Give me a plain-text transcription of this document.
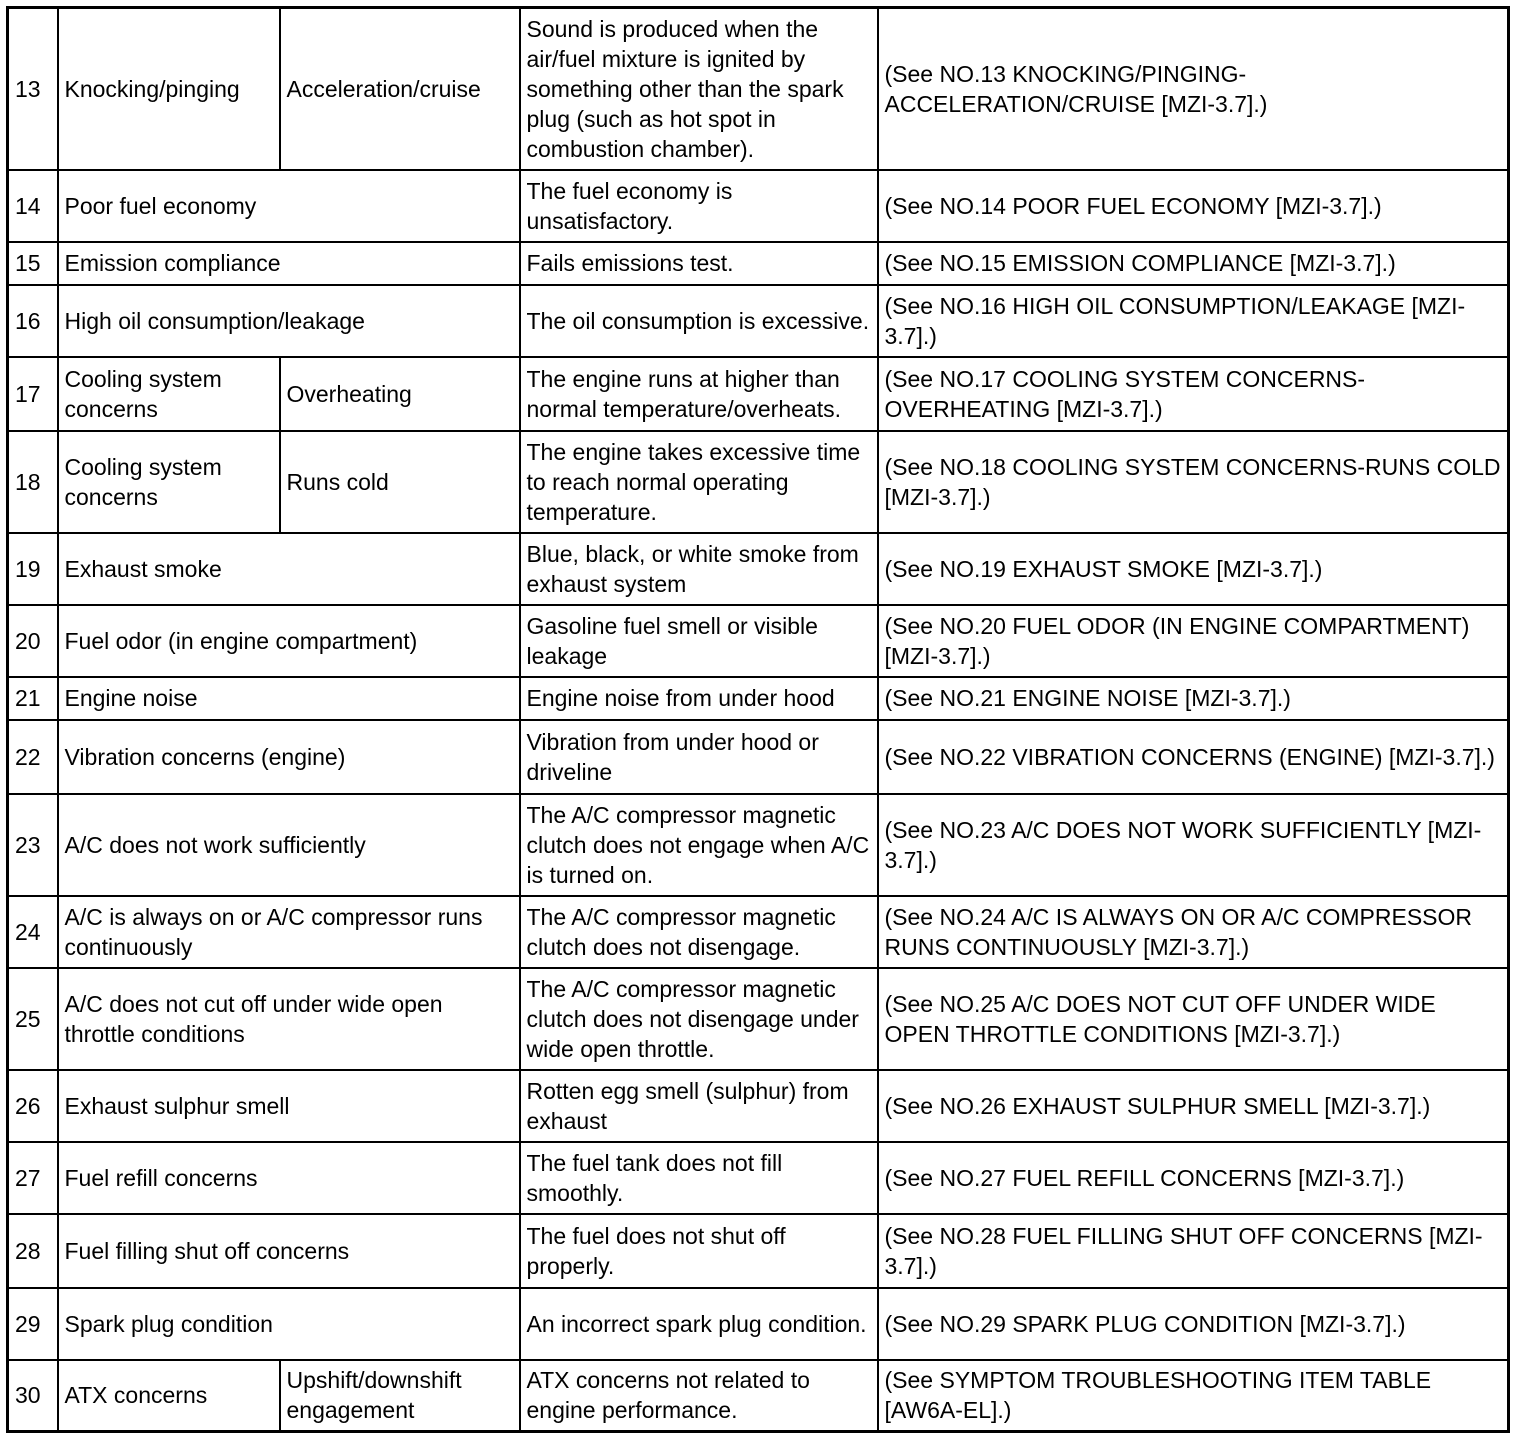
13	Knocking/pinging	Acceleration/cruise	Sound is produced when the air/fuel mixture is ignited by something other than the spark plug (such as hot spot in combustion chamber).	(See NO.13 KNOCKING/PINGING-ACCELERATION/CRUISE [MZI-3.7].)
14	Poor fuel economy		The fuel economy is unsatisfactory.	(See NO.14 POOR FUEL ECONOMY [MZI-3.7].)
15	Emission compliance		Fails emissions test.	(See NO.15 EMISSION COMPLIANCE [MZI-3.7].)
16	High oil consumption/leakage		The oil consumption is excessive.	(See NO.16 HIGH OIL CONSUMPTION/LEAKAGE [MZI-3.7].)
17	Cooling system concerns	Overheating	The engine runs at higher than normal temperature/overheats.	(See NO.17 COOLING SYSTEM CONCERNS-OVERHEATING [MZI-3.7].)
18	Cooling system concerns	Runs cold	The engine takes excessive time to reach normal operating temperature.	(See NO.18 COOLING SYSTEM CONCERNS-RUNS COLD [MZI-3.7].)
19	Exhaust smoke		Blue, black, or white smoke from exhaust system	(See NO.19 EXHAUST SMOKE [MZI-3.7].)
20	Fuel odor (in engine compartment)		Gasoline fuel smell or visible leakage	(See NO.20 FUEL ODOR (IN ENGINE COMPARTMENT) [MZI-3.7].)
21	Engine noise		Engine noise from under hood	(See NO.21 ENGINE NOISE [MZI-3.7].)
22	Vibration concerns (engine)		Vibration from under hood or driveline	(See NO.22 VIBRATION CONCERNS (ENGINE) [MZI-3.7].)
23	A/C does not work sufficiently		The A/C compressor magnetic clutch does not engage when A/C is turned on.	(See NO.23 A/C DOES NOT WORK SUFFICIENTLY [MZI-3.7].)
24	A/C is always on or A/C compressor runs continuously		The A/C compressor magnetic clutch does not disengage.	(See NO.24 A/C IS ALWAYS ON OR A/C COMPRESSOR RUNS CONTINUOUSLY [MZI-3.7].)
25	A/C does not cut off under wide open throttle conditions		The A/C compressor magnetic clutch does not disengage under wide open throttle.	(See NO.25 A/C DOES NOT CUT OFF UNDER WIDE OPEN THROTTLE CONDITIONS [MZI-3.7].)
26	Exhaust sulphur smell		Rotten egg smell (sulphur) from exhaust	(See NO.26 EXHAUST SULPHUR SMELL [MZI-3.7].)
27	Fuel refill concerns		The fuel tank does not fill smoothly.	(See NO.27 FUEL REFILL CONCERNS [MZI-3.7].)
28	Fuel filling shut off concerns		The fuel does not shut off properly.	(See NO.28 FUEL FILLING SHUT OFF CONCERNS [MZI-3.7].)
29	Spark plug condition		An incorrect spark plug condition.	(See NO.29 SPARK PLUG CONDITION [MZI-3.7].)
30	ATX concerns	Upshift/downshift engagement	ATX concerns not related to engine performance.	(See SYMPTOM TROUBLESHOOTING ITEM TABLE [AW6A-EL].)
